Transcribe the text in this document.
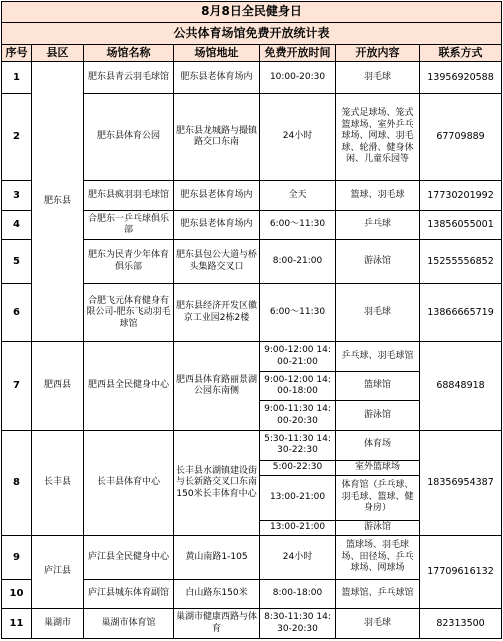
8月8日全民健身日						
公共体育场馆免费开放统计表						
序号	县区	场馆名称	场馆地址	免费开放时间	开放内容	联系方式
1	肥东县	肥东县青云羽毛球馆	肥东县老体育场内	10:00-20:30	羽毛球	13956920588
2		肥东县体育公园	肥东县龙城路与撮镇路交口东南	24小时	笼式足球场、笼式篮球场、室外乒乓球场、网球、羽毛球、轮滑、健身休闲、儿童乐园等	67709889
3		肥东县疯羽羽毛球馆	肥东县老体育场内	全天	篮球、羽毛球	17730201992
4		合肥东一乒乓球俱乐部	肥东县老体育场内	6:00～11:30	乒乓球	13856055001
5		肥东为民青少年体育俱乐部	肥东县包公大道与桥头集路交叉口	8:00-21:00	游泳馆	15255556852
6		合肥飞元体育健身有限公司-肥东飞动羽毛球馆	肥东县经济开发区徽京工业园2栋2楼	6:00～11:30	羽毛球	13866665719
7	肥西县	肥西县全民健身中心	肥西县体育路丽景湖公园东南侧	9:00-12:00 14:00-21:00	乒乓球、羽毛球馆	68848918
				9:00-12:00 14:00-18:00	篮球馆	
				9:00-11:30 14:00-20:30	游泳馆	
8	长丰县	长丰县体育中心	长丰县水湖镇建设街与长新路交叉口东南150米长丰体育中心	5:30-11:30 14:30-22:30	体育场	18356954387
				5:00-22:30	室外篮球场	
				13:00-21:00	体育馆（乒乓球、羽毛球、篮球、健身房）	
				13:00-21:00	游泳馆	
9	庐江县	庐江县全民健身中心	黄山南路1-105	24小时	篮球场、羽毛球场、田径场、乒乓球场、网球场	17709616132
10		庐江县城东体育副馆	白山路东150米	8:00-18:00	篮球馆、乒乓球馆	
11	巢湖市	巢湖市体育馆	巢湖市健康西路与体育	8:30-11:30 14:30-20:30	羽毛球	82313500
